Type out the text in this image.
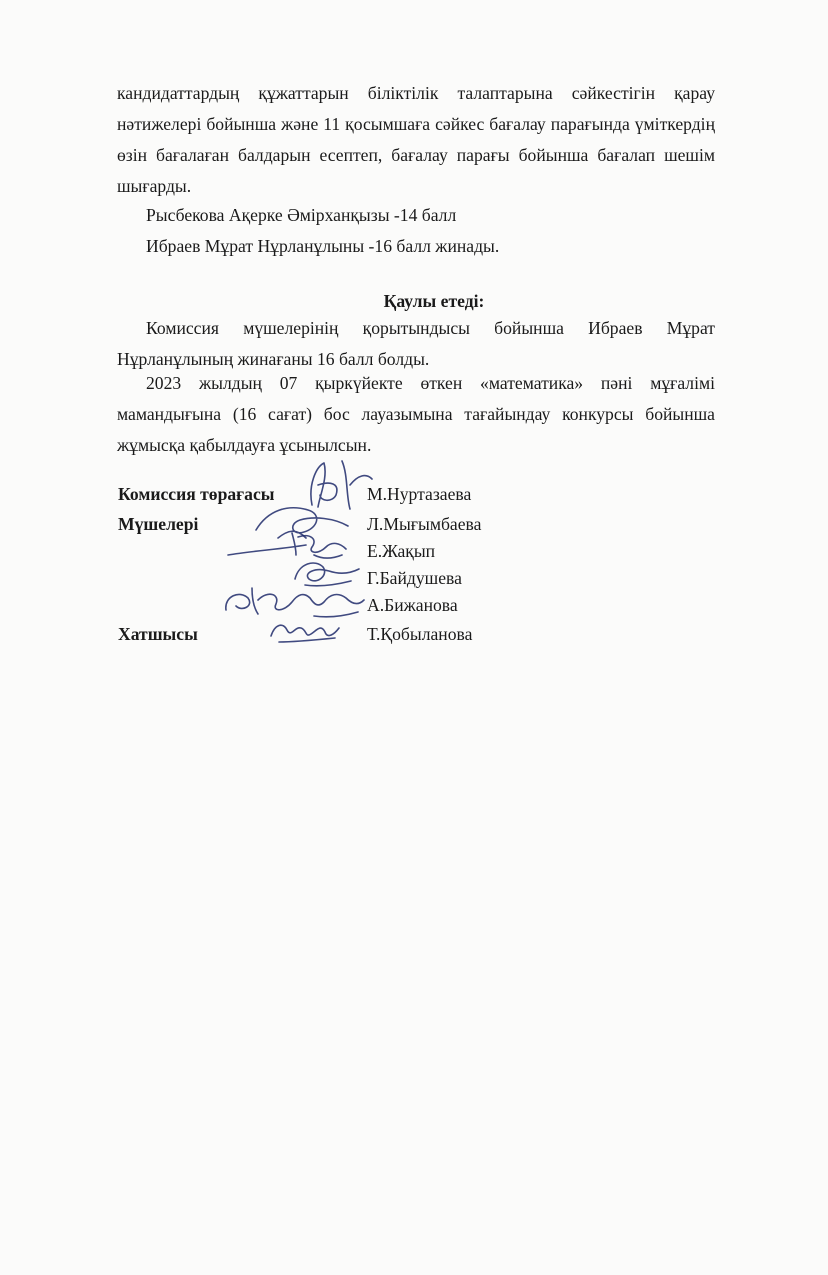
кандидаттардың құжаттарын біліктілік талаптарына сәйкестігін қарау нәтижелері бойынша және 11 қосымшаға сәйкес бағалау парағында үміткердің өзін бағалаған балдарын есептеп, бағалау парағы бойынша бағалап шешім шығарды.

Рысбекова Ақерке Әмірханқызы -14 балл

Ибраев Мұрат Нұрланұлыны -16 балл жинады.

Қаулы етеді:

Комиссия мүшелерінің қорытындысы бойынша Ибраев Мұрат Нұрланұлының жинағаны 16 балл болды.

2023 жылдың 07 қыркүйекте өткен «математика» пәні мұғалімі мамандығына (16 сағат) бос лауазымына тағайындау конкурсы бойынша жұмысқа қабылдауға ұсынылсын.

Комиссия төрағасы	М.Нуртазаева
Мүшелері	Л.Мығымбаева
Е.Жақып
Г.Байдушева
А.Бижанова
Хатшысы	Т.Қобыланова
